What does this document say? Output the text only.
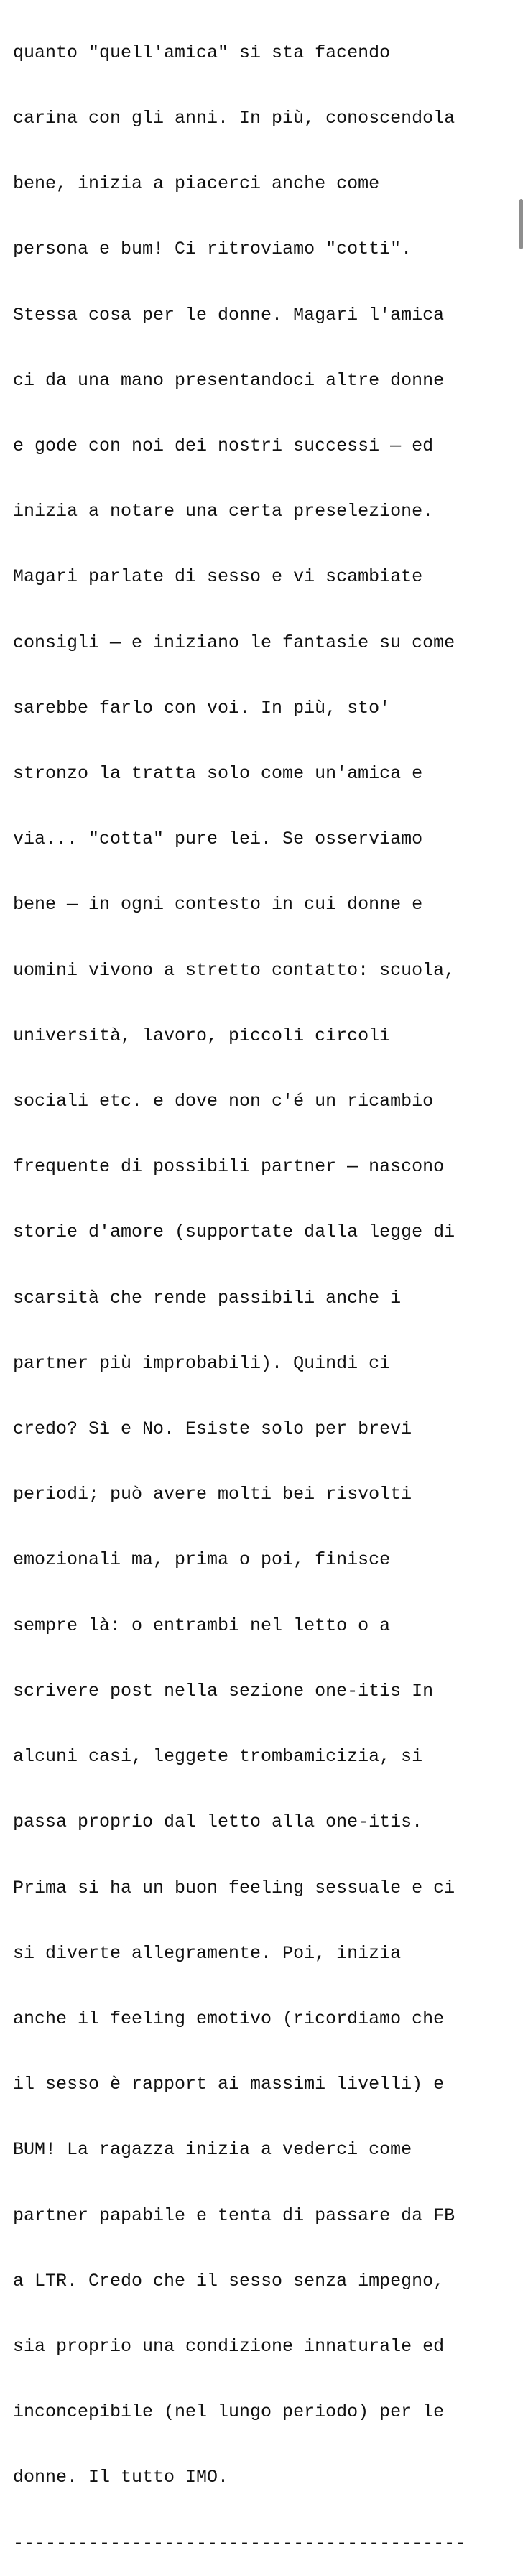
quanto "quell'amica" si sta facendo

carina con gli anni. In più, conoscendola

bene, inizia a piacerci anche come

persona e bum! Ci ritroviamo "cotti".

Stessa cosa per le donne. Magari l'amica

ci da una mano presentandoci altre donne

e gode con noi dei nostri successi — ed

inizia a notare una certa preselezione.

Magari parlate di sesso e vi scambiate

consigli — e iniziano le fantasie su come

sarebbe farlo con voi. In più, sto'

stronzo la tratta solo come un'amica e

via... "cotta" pure lei. Se osserviamo

bene — in ogni contesto in cui donne e

uomini vivono a stretto contatto: scuola,

università, lavoro, piccoli circoli

sociali etc. e dove non c'é un ricambio

frequente di possibili partner — nascono

storie d'amore (supportate dalla legge di

scarsità che rende passibili anche i

partner più improbabili). Quindi ci

credo? Sì e No. Esiste solo per brevi

periodi; può avere molti bei risvolti

emozionali ma, prima o poi, finisce

sempre là: o entrambi nel letto o a

scrivere post nella sezione one-itis In

alcuni casi, leggete trombamicizia, si

passa proprio dal letto alla one-itis.

Prima si ha un buon feeling sessuale e ci

si diverte allegramente. Poi, inizia

anche il feeling emotivo (ricordiamo che

il sesso è rapport ai massimi livelli) e

BUM! La ragazza inizia a vederci come

partner papabile e tenta di passare da FB

a LTR. Credo che il sesso senza impegno,

sia proprio una condizione innaturale ed

inconcepibile (nel lungo periodo) per le

donne. Il tutto IMO.

------------------------------------------
